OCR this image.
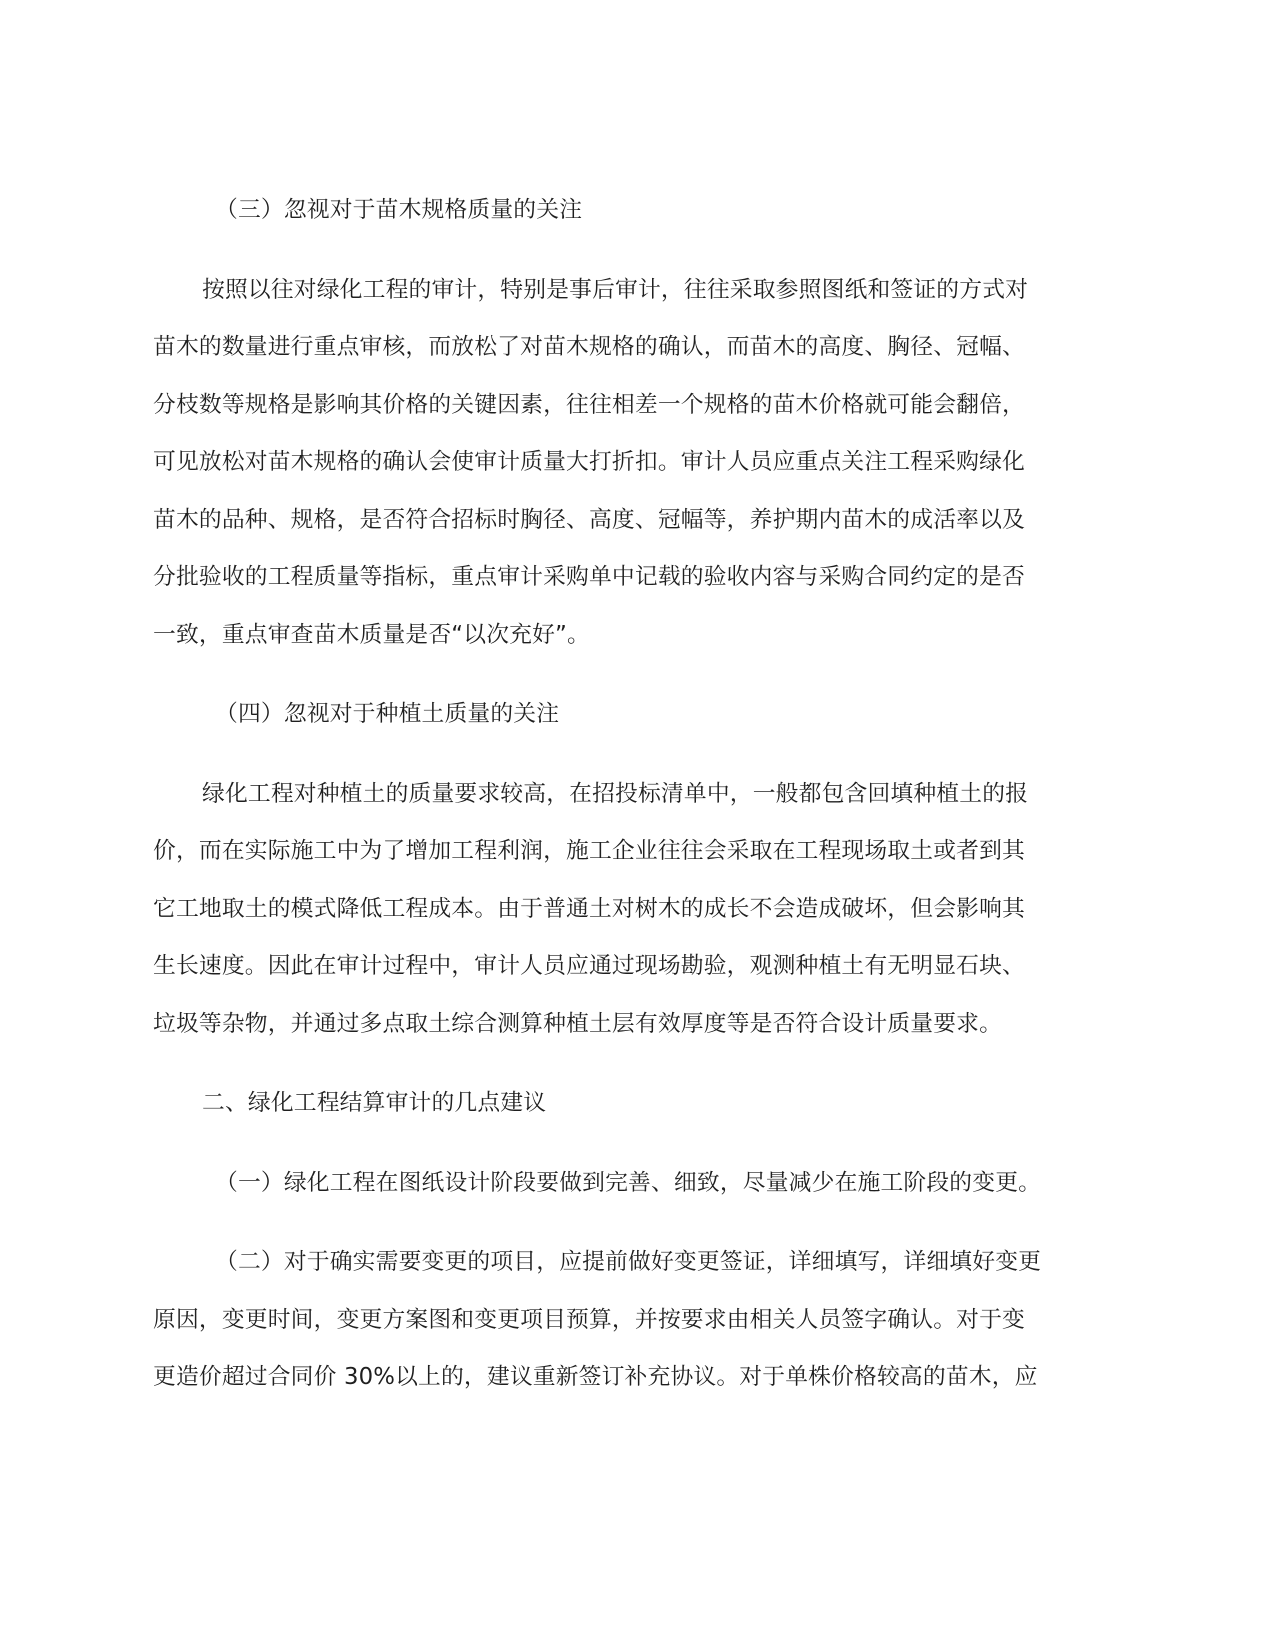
（三）忽视对于苗木规格质量的关注
按照以往对绿化工程的审计，特别是事后审计，往往采取参照图纸和签证的方式对
苗木的数量进行重点审核，而放松了对苗木规格的确认，而苗木的高度、胸径、冠幅、
分枝数等规格是影响其价格的关键因素，往往相差一个规格的苗木价格就可能会翻倍，
可见放松对苗木规格的确认会使审计质量大打折扣。审计人员应重点关注工程采购绿化
苗木的品种、规格，是否符合招标时胸径、高度、冠幅等，养护期内苗木的成活率以及
分批验收的工程质量等指标，重点审计采购单中记载的验收内容与采购合同约定的是否
一致，重点审查苗木质量是否“以次充好”。
（四）忽视对于种植土质量的关注
绿化工程对种植土的质量要求较高，在招投标清单中，一般都包含回填种植土的报
价，而在实际施工中为了增加工程利润，施工企业往往会采取在工程现场取土或者到其
它工地取土的模式降低工程成本。由于普通土对树木的成长不会造成破坏，但会影响其
生长速度。因此在审计过程中，审计人员应通过现场勘验，观测种植土有无明显石块、
垃圾等杂物，并通过多点取土综合测算种植土层有效厚度等是否符合设计质量要求。
二、绿化工程结算审计的几点建议
（一）绿化工程在图纸设计阶段要做到完善、细致，尽量减少在施工阶段的变更。
（二）对于确实需要变更的项目，应提前做好变更签证，详细填写，详细填好变更
原因，变更时间，变更方案图和变更项目预算，并按要求由相关人员签字确认。对于变
更造价超过合同价 30%以上的，建议重新签订补充协议。对于单株价格较高的苗木，应
